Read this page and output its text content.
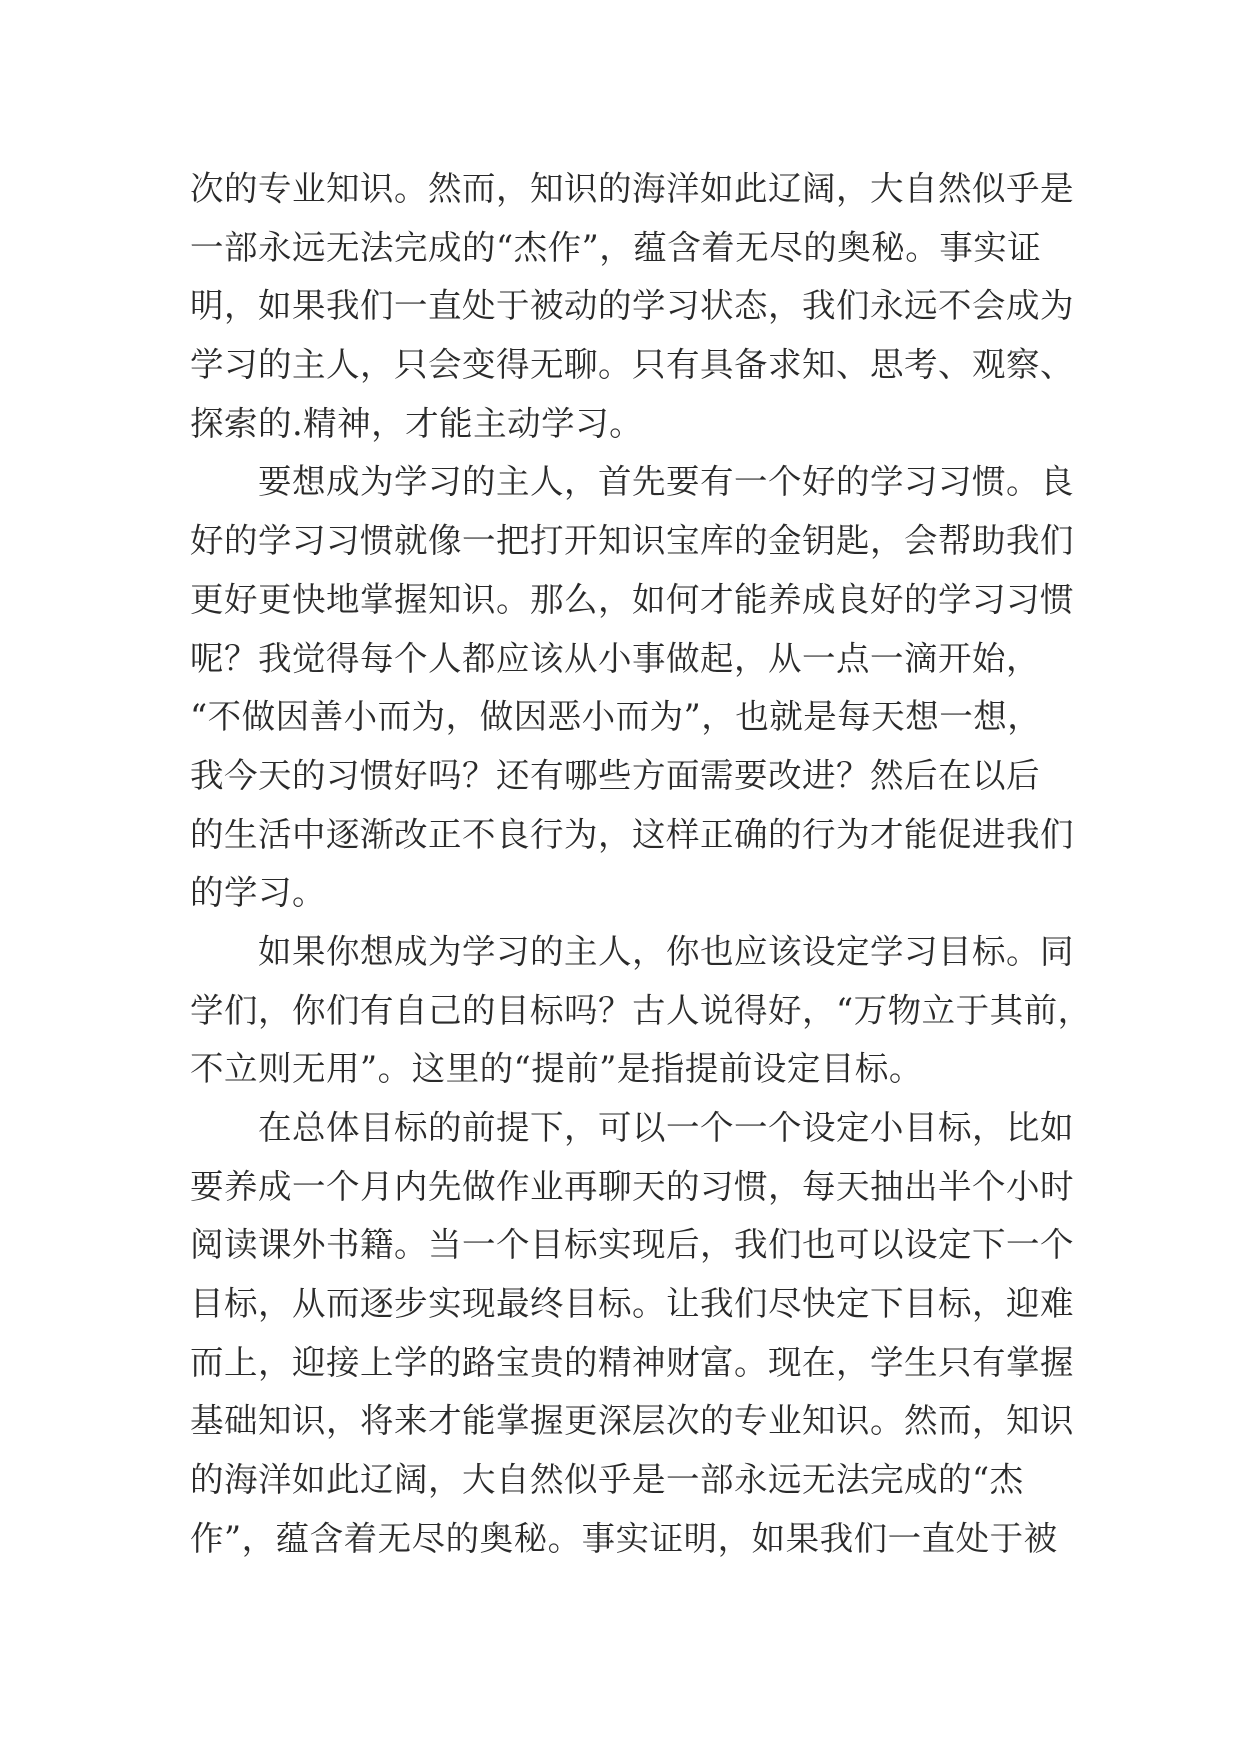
次的专业知识。然而，知识的海洋如此辽阔，大自然似乎是
一部永远无法完成的“杰作”，蕴含着无尽的奥秘。事实证
明，如果我们一直处于被动的学习状态，我们永远不会成为
学习的主人，只会变得无聊。只有具备求知、思考、观察、
探索的.精神，才能主动学习。
　　要想成为学习的主人，首先要有一个好的学习习惯。良
好的学习习惯就像一把打开知识宝库的金钥匙，会帮助我们
更好更快地掌握知识。那么，如何才能养成良好的学习习惯
呢？我觉得每个人都应该从小事做起，从一点一滴开始，
“不做因善小而为，做因恶小而为”，也就是每天想一想，
我今天的习惯好吗？还有哪些方面需要改进？然后在以后
的生活中逐渐改正不良行为，这样正确的行为才能促进我们
的学习。
　　如果你想成为学习的主人，你也应该设定学习目标。同
学们，你们有自己的目标吗？古人说得好，“万物立于其前，
不立则无用”。这里的“提前”是指提前设定目标。
　　在总体目标的前提下，可以一个一个设定小目标，比如
要养成一个月内先做作业再聊天的习惯，每天抽出半个小时
阅读课外书籍。当一个目标实现后，我们也可以设定下一个
目标，从而逐步实现最终目标。让我们尽快定下目标，迎难
而上，迎接上学的路宝贵的精神财富。现在，学生只有掌握
基础知识，将来才能掌握更深层次的专业知识。然而，知识
的海洋如此辽阔，大自然似乎是一部永远无法完成的“杰
作”，蕴含着无尽的奥秘。事实证明，如果我们一直处于被
